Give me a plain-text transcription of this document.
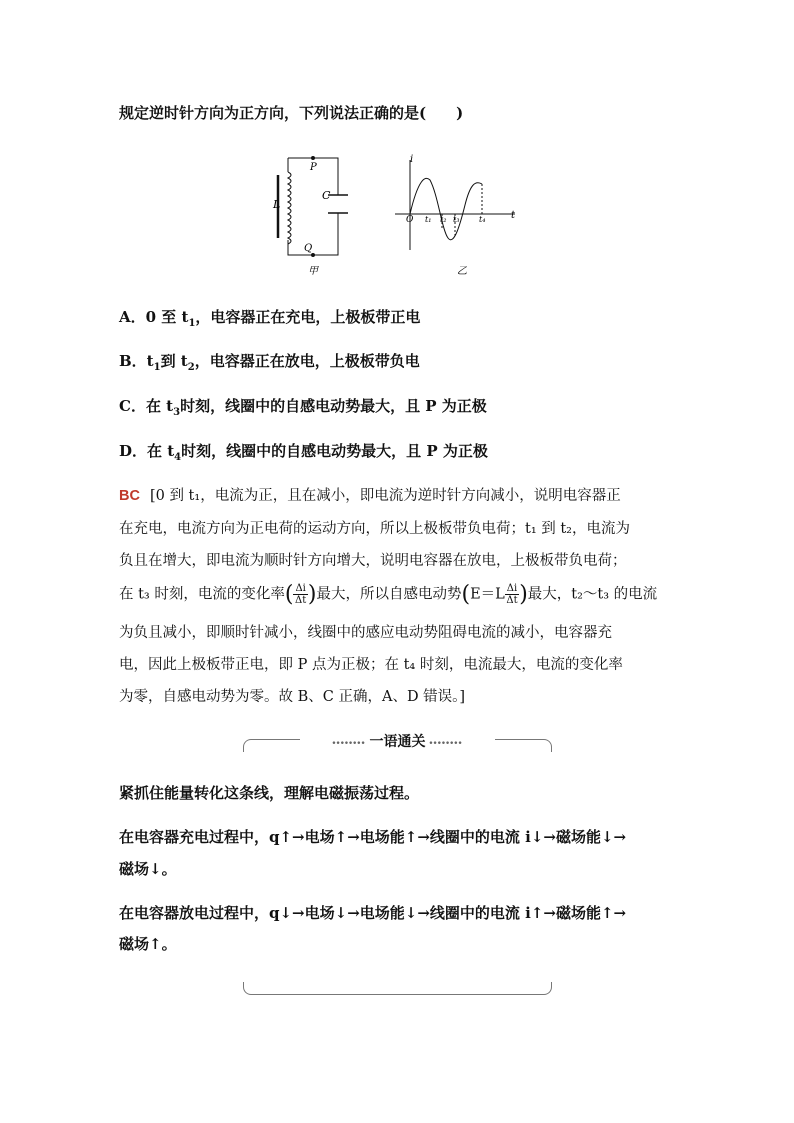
规定逆时针方向为正方向，下列说法正确的是(　　)
L
C
P
Q
甲
i
t
O t₁ t₂ t₃ t₄
乙
A．0 至 $t_1$，电容器正在充电，上极板带正电
B．$t_1$到 $t_2$，电容器正在放电，上极板带负电
C．在 $t_3$时刻，线圈中的自感电动势最大，且 P 为正极
D．在 $t_4$时刻，线圈中的自感电动势最大，且 P 为正极
BC [0 到 t₁，电流为正，且在减小，即电流为逆时针方向减小，说明电容器正
在充电，电流方向为正电荷的运动方向，所以上极板带负电荷；t₁ 到 t₂，电流为
负且在增大，即电流为顺时针方向增大，说明电容器在放电，上极板带负电荷；
在 t₃ 时刻，电流的变化率( $\frac{\Delta i}{\Delta t}$ )最大，所以自感电动势($E=L \frac{\Delta i}{\Delta t}$ )最大，t₂～t₃ 的电流
为负且减小，即顺时针减小，线圈中的感应电动势阻碍电流的减小，电容器充
电，因此上极板带正电，即 P 点为正极；在 t₄ 时刻，电流最大，电流的变化率
为零，自感电动势为零。故 B、C 正确，A、D 错误。]
•••••••• 一语通关 ••••••••
紧抓住能量转化这条线，理解电磁振荡过程。
在电容器充电过程中，q↑→电场↑→电场能↑→线圈中的电流 i↓→磁场能↓→
磁场↓。
在电容器放电过程中，q↓→电场↓→电场能↓→线圈中的电流 i↑→磁场能↑→
磁场↑。
